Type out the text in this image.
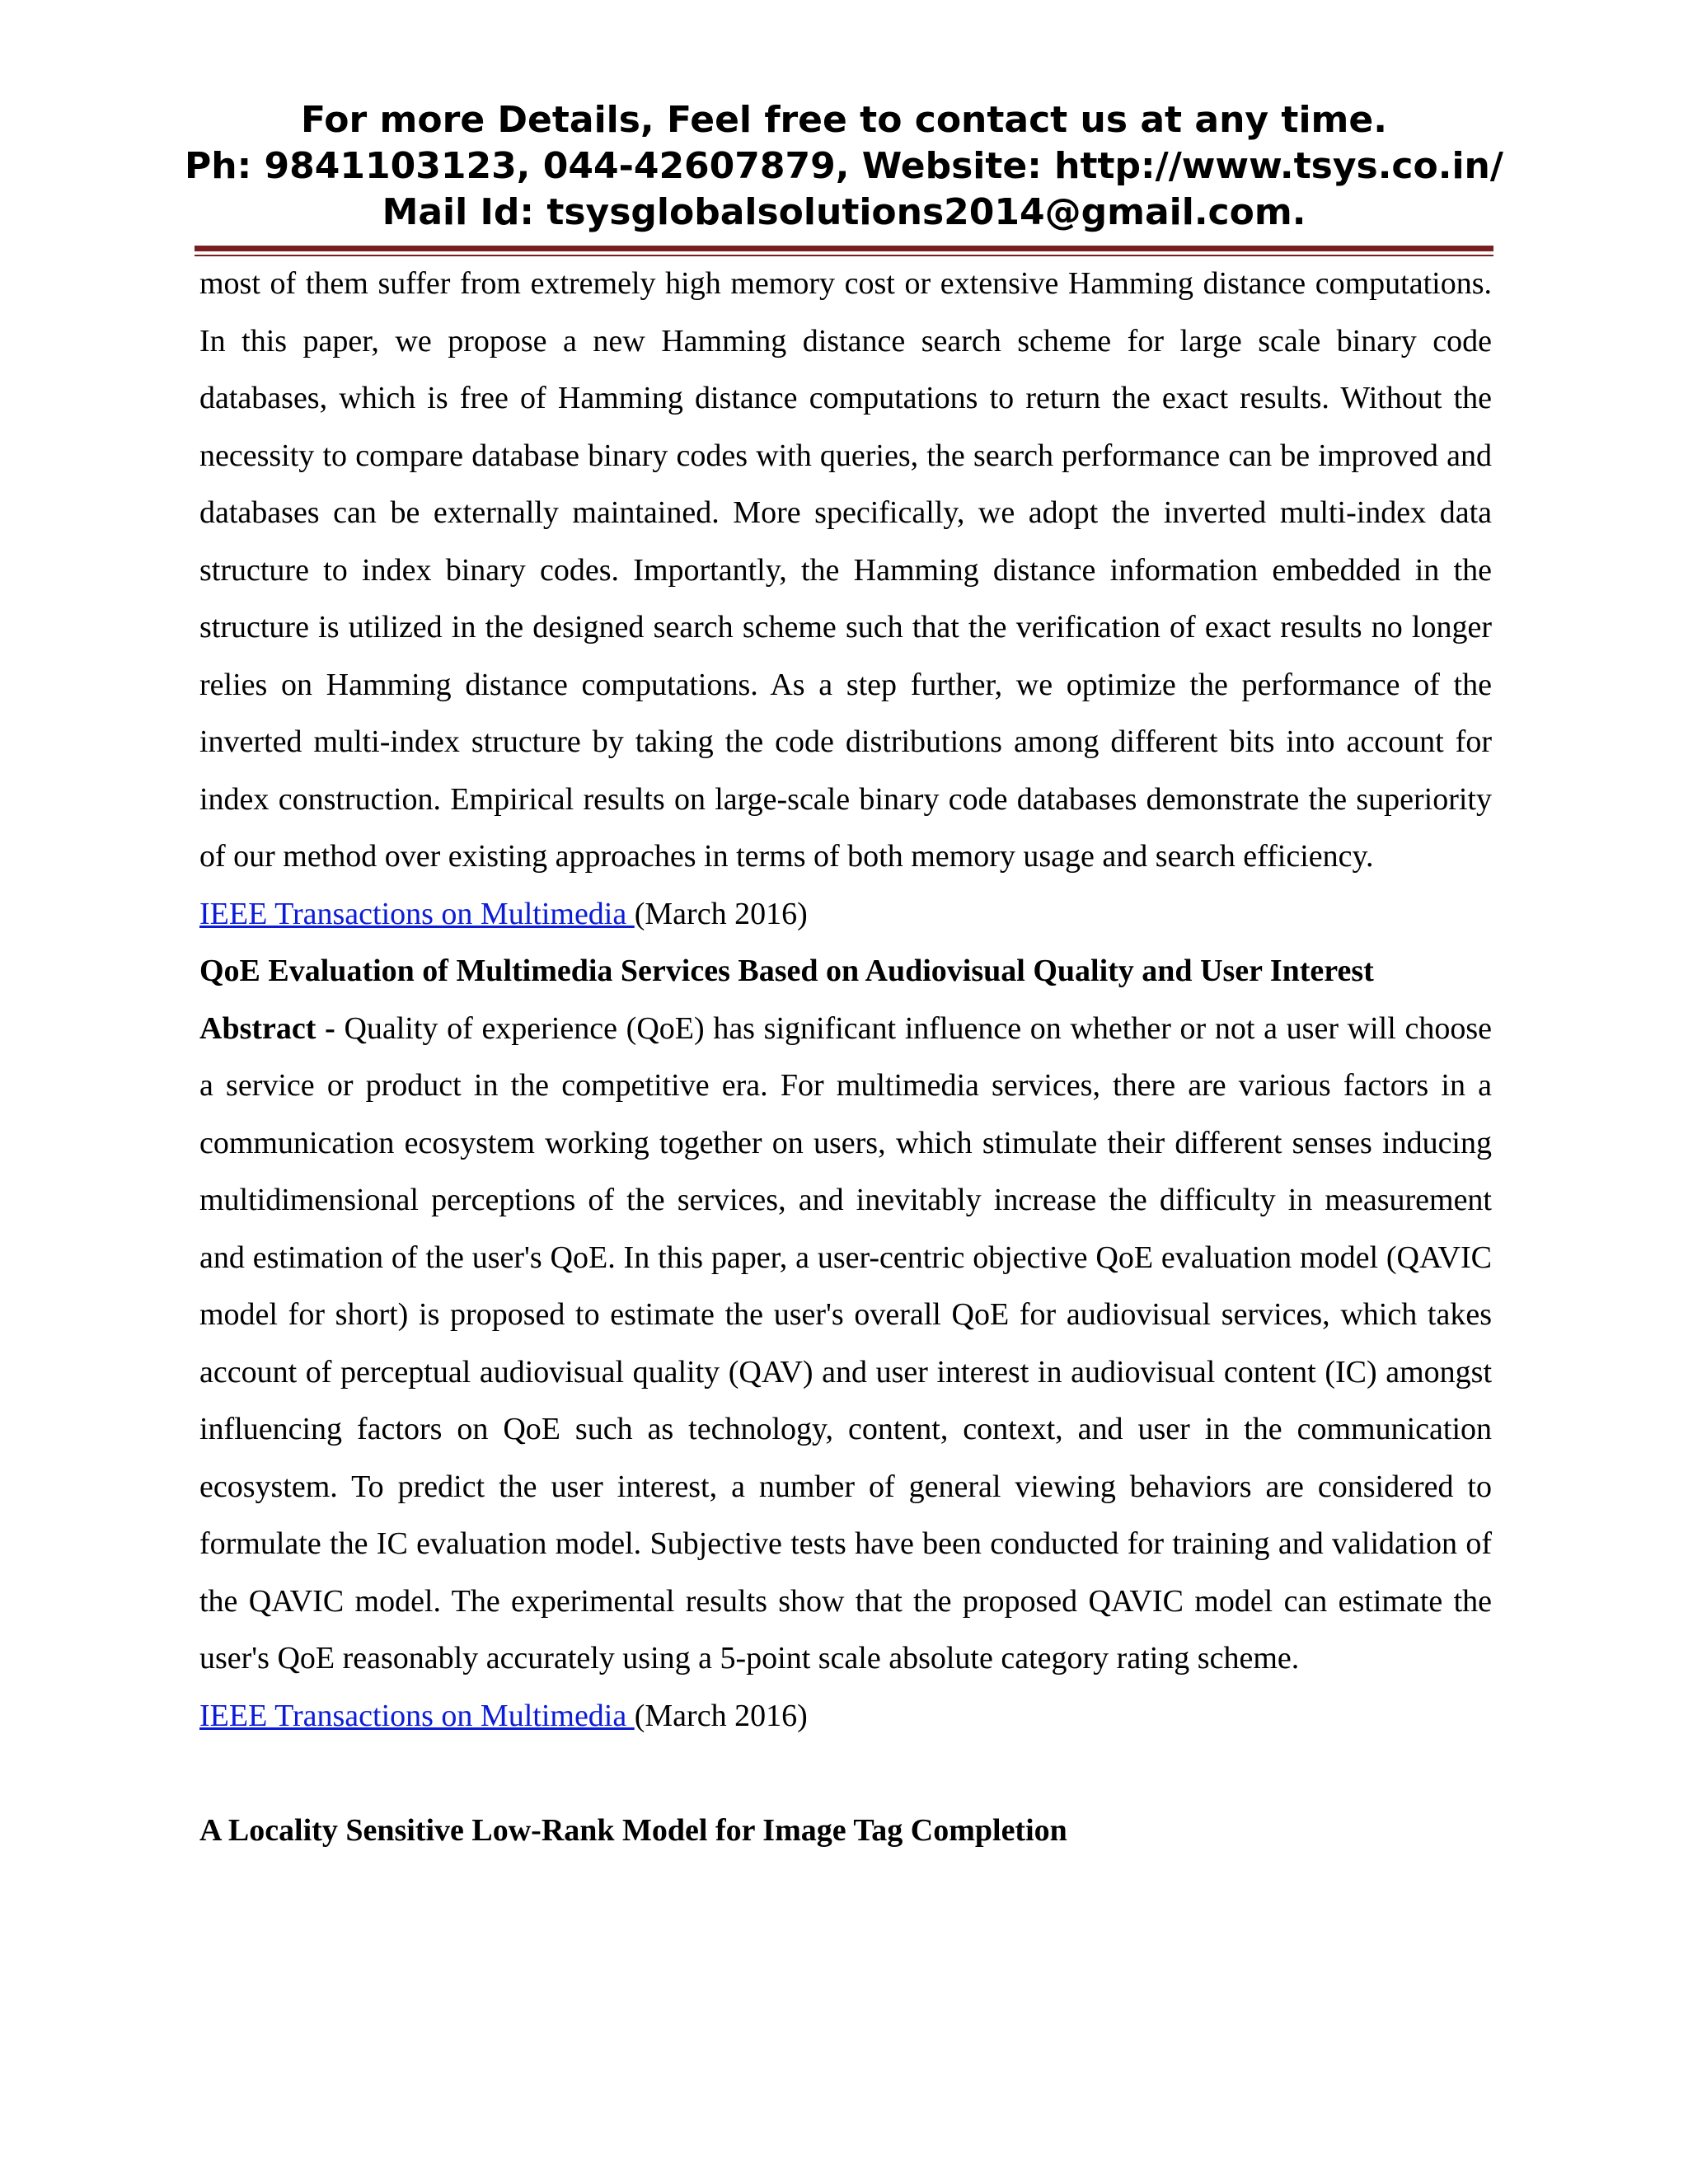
For more Details, Feel free to contact us at any time.
Ph: 9841103123, 044-42607879, Website: http://www.tsys.co.in/
Mail Id: tsysglobalsolutions2014@gmail.com.

most of them suffer from extremely high memory cost or extensive Hamming distance computations. In this paper, we propose a new Hamming distance search scheme for large scale binary code databases, which is free of Hamming distance computations to return the exact results. Without the necessity to compare database binary codes with queries, the search performance can be improved and databases can be externally maintained. More specifically, we adopt the inverted multi-index data structure to index binary codes. Importantly, the Hamming distance information embedded in the structure is utilized in the designed search scheme such that the verification of exact results no longer relies on Hamming distance computations. As a step further, we optimize the performance of the inverted multi-index structure by taking the code distributions among different bits into account for index construction. Empirical results on large-scale binary code databases demonstrate the superiority of our method over existing approaches in terms of both memory usage and search efficiency.

IEEE Transactions on Multimedia (March 2016)

QoE Evaluation of Multimedia Services Based on Audiovisual Quality and User Interest

Abstract - Quality of experience (QoE) has significant influence on whether or not a user will choose a service or product in the competitive era. For multimedia services, there are various factors in a communication ecosystem working together on users, which stimulate their different senses inducing multidimensional perceptions of the services, and inevitably increase the difficulty in measurement and estimation of the user's QoE. In this paper, a user-centric objective QoE evaluation model (QAVIC model for short) is proposed to estimate the user's overall QoE for audiovisual services, which takes account of perceptual audiovisual quality (QAV) and user interest in audiovisual content (IC) amongst influencing factors on QoE such as technology, content, context, and user in the communication ecosystem. To predict the user interest, a number of general viewing behaviors are considered to formulate the IC evaluation model. Subjective tests have been conducted for training and validation of the QAVIC model. The experimental results show that the proposed QAVIC model can estimate the user's QoE reasonably accurately using a 5-point scale absolute category rating scheme.

IEEE Transactions on Multimedia (March 2016)

A Locality Sensitive Low-Rank Model for Image Tag Completion
